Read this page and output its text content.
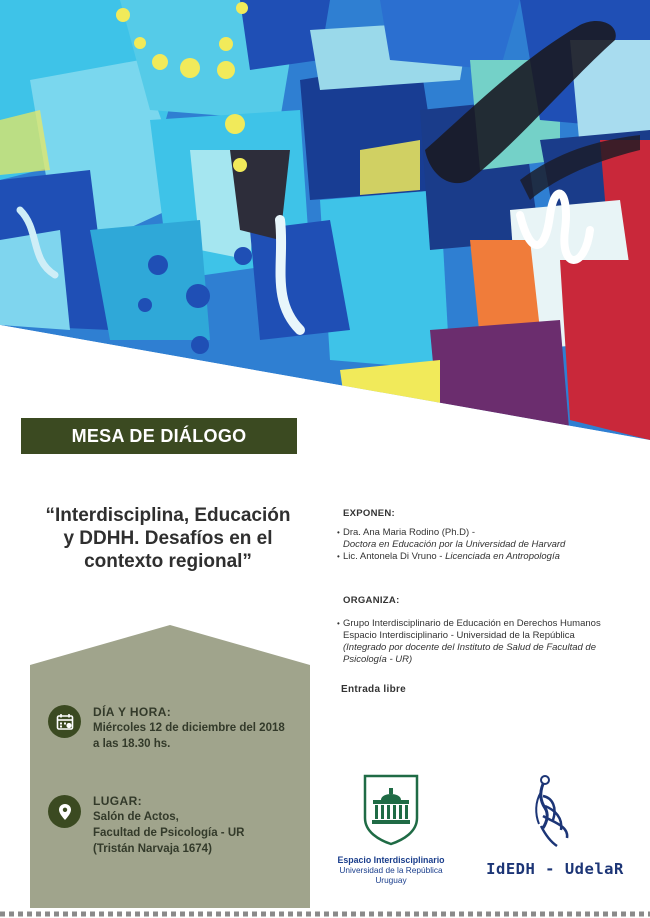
MESA DE DIÁLOGO
“Interdisciplina, Educación
y DDHH. Desafíos en el
contexto regional”
DÍA Y HORA:
Miércoles 12 de diciembre del 2018
a las 18.30 hs.
LUGAR:
Salón de Actos,
Facultad de Psicología - UR
(Tristán Narvaja 1674)
EXPONEN:
• Dra. Ana Maria Rodino (Ph.D) -
Doctora en Educación por la Universidad de Harvard
• Lic. Antonela Di Vruno - Licenciada en Antropología
ORGANIZA:
• Grupo Interdisciplinario de Educación en Derechos Humanos
Espacio Interdisciplinario - Universidad de la República
(Integrado por docente del Instituto de Salud de Facultad de
Psicología - UR)
Entrada libre
Espacio Interdisciplinario
Universidad de la República
Uruguay
IdEDH - UdelaR
